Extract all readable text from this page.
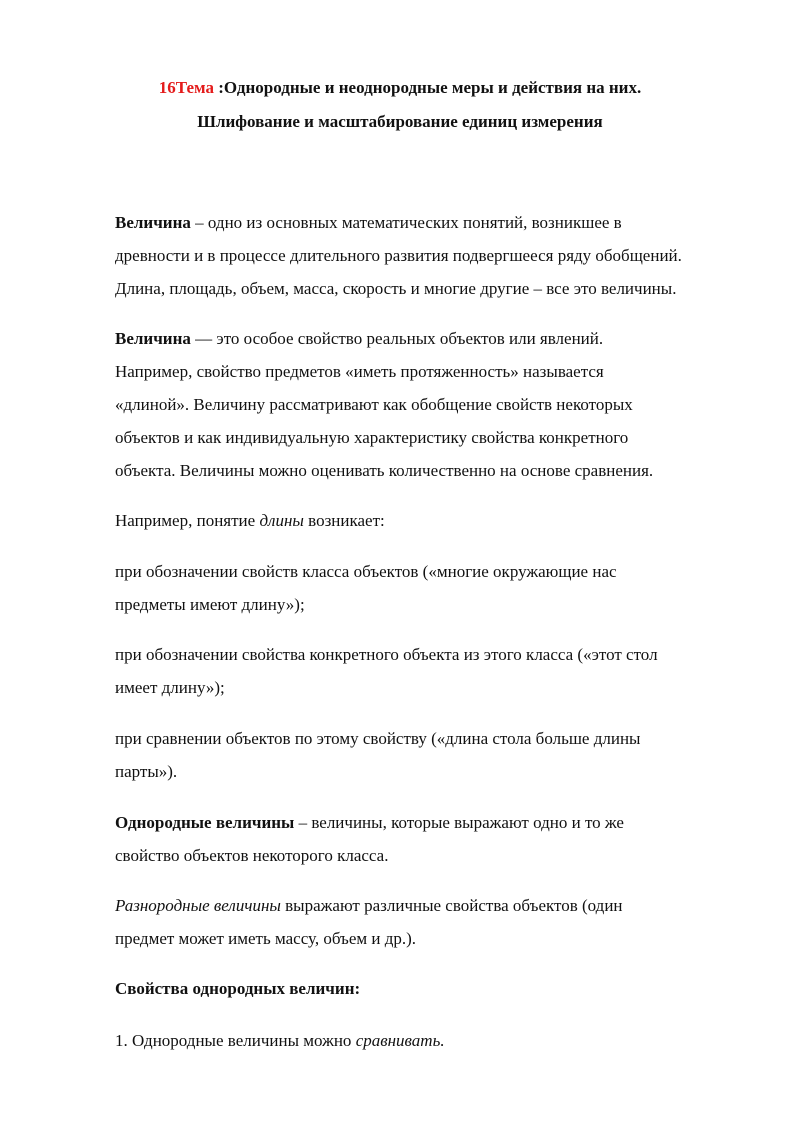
16Тема :Однородные и неоднородные меры и действия на них.

Шлифование и масштабирование единиц измерения

Величина – одно из основных математических понятий, возникшее в
древности и в процессе длительного развития подвергшееся ряду обобщений.
Длина, площадь, объем, масса, скорость и многие другие – все это величины.

Величина — это особое свойство реальных объектов или явлений.
Например, свойство предметов «иметь протяженность» называется
«длиной». Величину рассматривают как обобщение свойств некоторых
объектов и как индивидуальную характеристику свойства конкретного
объекта. Величины можно оценивать количественно на основе сравнения.

Например, понятие длины возникает:

при обозначении свойств класса объектов («многие окружающие нас
предметы имеют длину»);

при обозначении свойства конкретного объекта из этого класса («этот стол
имеет длину»);

при сравнении объектов по этому свойству («длина стола больше длины
парты»).

Однородные величины – величины, которые выражают одно и то же
свойство объектов некоторого класса.

Разнородные величины выражают различные свойства объектов (один
предмет может иметь массу, объем и др.).

Свойства однородных величин:

1. Однородные величины можно сравнивать.
